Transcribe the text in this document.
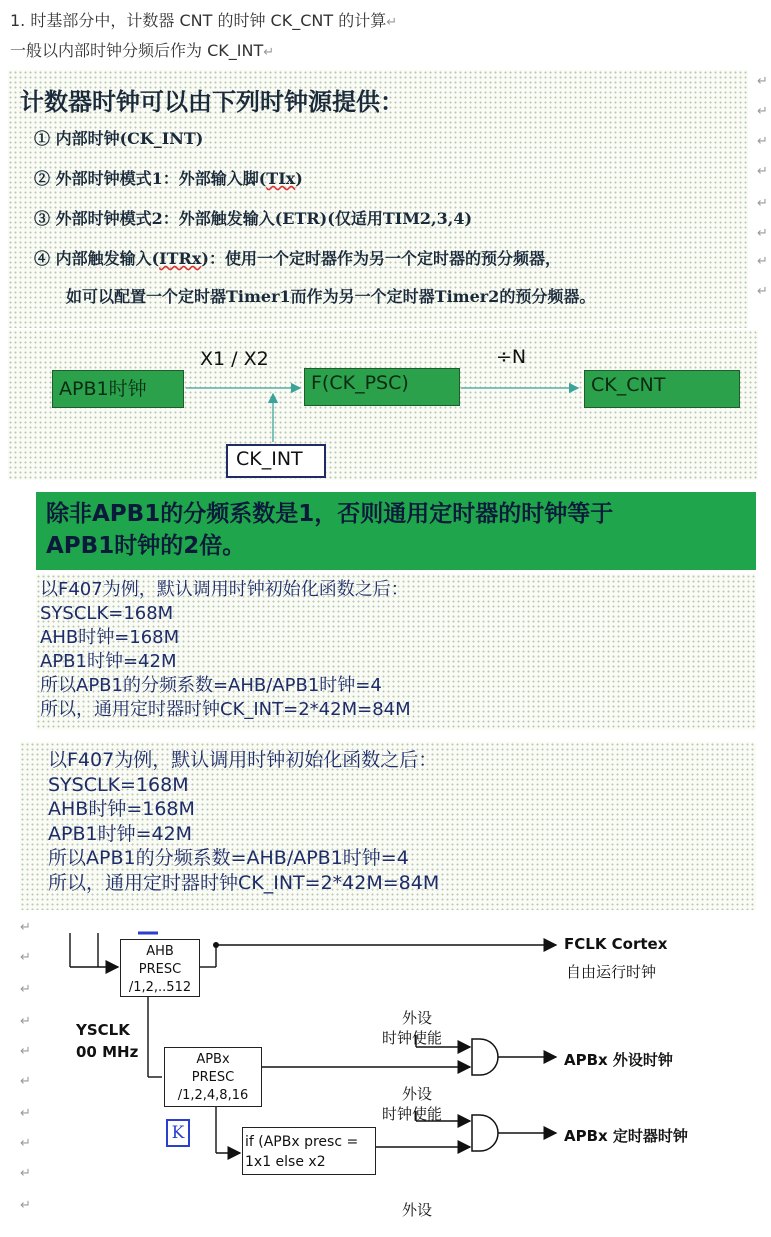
1. 时基部分中，计数器 CNT 的时钟 CK_CNT 的计算↵
一般以内部时钟分频后作为 CK_INT↵
计数器时钟可以由下列时钟源提供：
① 内部时钟(CK_INT)
② 外部时钟模式1：外部输入脚(TIx)
③ 外部时钟模式2：外部触发输入(ETR)(仅适用TIM2,3,4)
④ 内部触发输入(ITRx)：使用一个定时器作为另一个定时器的预分频器，
如可以配置一个定时器Timer1而作为另一个定时器Timer2的预分频器。
↵
↵
↵
↵
↵
↵
↵
↵
APB1时钟
X1 / X2
F(CK_PSC)
÷N
CK_CNT
CK_INT
除非APB1的分频系数是1，否则通用定时器的时钟等于
APB1时钟的2倍。
以F407为例，默认调用时钟初始化函数之后：
SYSCLK=168M
AHB时钟=168M
APB1时钟=42M
所以APB1的分频系数=AHB/APB1时钟=4
所以，通用定时器时钟CK_INT=2*42M=84M
以F407为例，默认调用时钟初始化函数之后：
SYSCLK=168M
AHB时钟=168M
APB1时钟=42M
所以APB1的分频系数=AHB/APB1时钟=4
所以，通用定时器时钟CK_INT=2*42M=84M
↵
↵
↵
↵
↵
↵
↵
↵
↵
↵
AHB
PRESC
/1,2,..512
FCLK Cortex
自由运行时钟
YSCLK
00 MHz
外设
时钟使能
APBx
PRESC
/1,2,4,8,16
APBx 外设时钟
外设
时钟使能
K	if (APBx presc =
1x1 else x2
APBx 定时器时钟
外设
